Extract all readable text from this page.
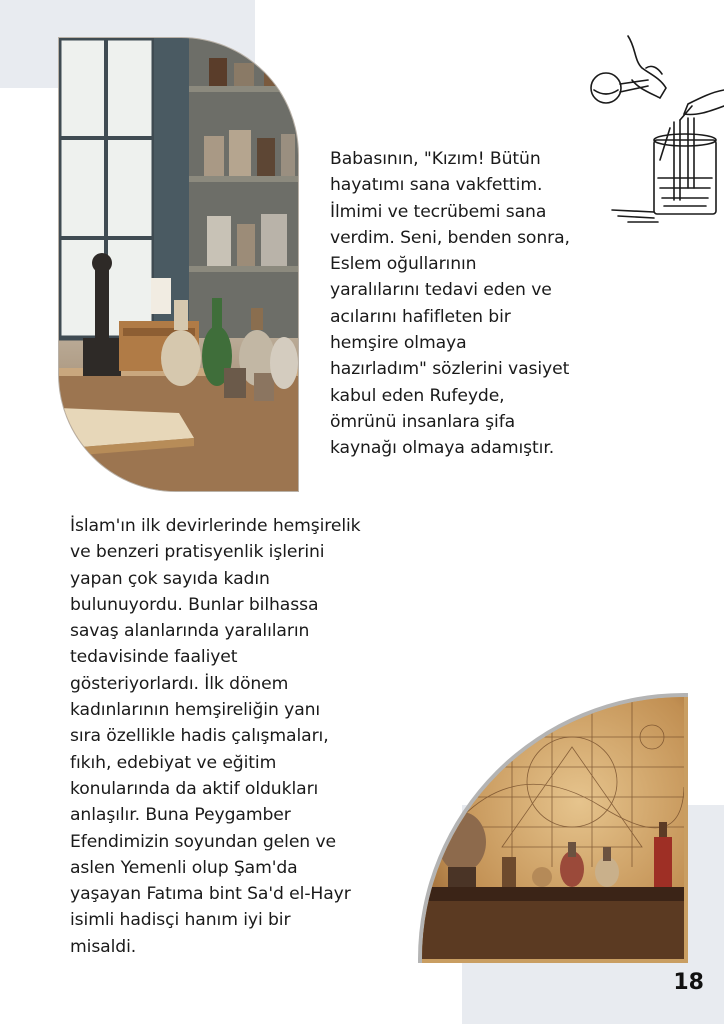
Babasının, "Kızım! Bütün
hayatımı sana vakfettim.
İlmimi ve tecrübemi sana
verdim. Seni, benden sonra,
Eslem oğullarının
yaralılarını tedavi eden ve
acılarını hafifleten bir
hemşire olmaya
hazırladım" sözlerini vasiyet
kabul eden Rufeyde,
ömrünü insanlara şifa
kaynağı olmaya adamıştır.

İslam'ın ilk devirlerinde hemşirelik
ve benzeri pratisyenlik işlerini
yapan çok sayıda kadın
bulunuyordu. Bunlar bilhassa
savaş alanlarında yaralıların
tedavisinde faaliyet
gösteriyorlardı. İlk dönem
kadınlarının hemşireliğin yanı
sıra özellikle hadis çalışmaları,
fıkıh, edebiyat ve eğitim
konularında da aktif oldukları
anlaşılır. Buna Peygamber
Efendimizin soyundan gelen ve
aslen Yemenli olup Şam'da
yaşayan Fatıma bint Sa'd el-Hayr
isimli hadisçi hanım iyi bir
misaldi.

18
